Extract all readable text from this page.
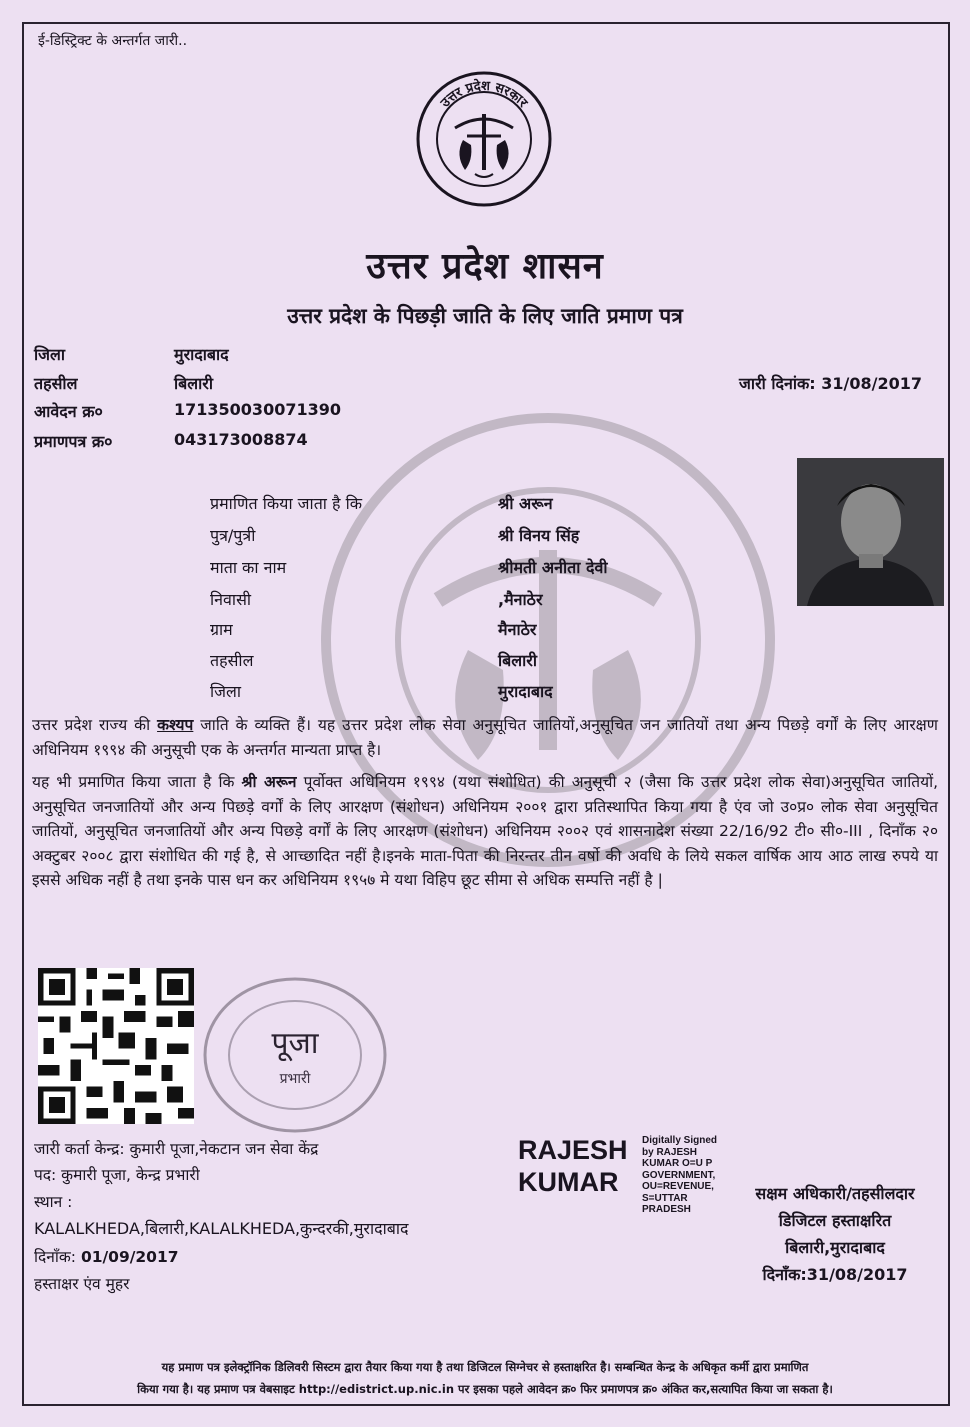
ई-डिस्ट्रिक्ट के अन्तर्गत जारी..
उत्तर प्रदेश सरकार
उत्तर प्रदेश शासन
उत्तर प्रदेश के पिछड़ी जाति के लिए जाति प्रमाण पत्र
जिला	मुरादाबाद
तहसील	बिलारी
आवेदन क्र०	171350030071390
प्रमाणपत्र क्र०	043173008874
जारी दिनांक: 31/08/2017
प्रमाणित किया जाता है कि	श्री अरून
पुत्र/पुत्री	श्री विनय सिंह
माता का नाम	श्रीमती अनीता देवी
निवासी	,मैनाठेर
ग्राम	मैनाठेर
तहसील	बिलारी
जिला	मुरादाबाद
उत्तर प्रदेश राज्य की कश्यप जाति के व्यक्ति हैं। यह उत्तर प्रदेश लोक सेवा अनुसूचित जातियों,अनुसूचित जन जातियों तथा अन्य पिछड़े वर्गों के लिए आरक्षण अधिनियम १९९४ की अनुसूची एक के अन्तर्गत मान्यता प्राप्त है।
यह भी प्रमाणित किया जाता है कि श्री अरून पूर्वोक्त अधिनियम १९९४ (यथा संशोधित) की अनुसूची २ (जैसा कि उत्तर प्रदेश लोक सेवा)अनुसूचित जातियों, अनुसूचित जनजातियों और अन्य पिछड़े वर्गों के लिए आरक्षण (संशोधन) अधिनियम २००१ द्वारा प्रतिस्थापित किया गया है एंव जो उ०प्र० लोक सेवा अनुसूचित जातियों, अनुसूचित जनजातियों और अन्य पिछड़े वर्गों के लिए आरक्षण (संशोधन) अधिनियम २००२ एवं शासनादेश संख्या 22/16/92 टी० सी०-III , दिनाँक २० अक्टुबर २००८ द्वारा संशोधित की गई है, से आच्छादित नहीं है।इनके माता-पिता की निरन्तर तीन वर्षो की अवधि के लिये सकल वार्षिक आय आठ लाख रुपये या इससे अधिक नहीं है तथा इनके पास धन कर अधिनियम १९५७ मे यथा विहिप छूट सीमा से अधिक सम्पत्ति नहीं है |
पूजा
प्रभारी
जारी कर्ता केन्द्र: कुमारी पूजा,नेकटान जन सेवा केंद्र
पद: कुमारी पूजा, केन्द्र प्रभारी
स्थान :
KALALKHEDA,बिलारी,KALALKHEDA,कुन्दरकी,मुरादाबाद
दिनाँक: 01/09/2017
हस्ताक्षर एंव मुहर
RAJESH
KUMAR
Digitally Signed
by RAJESH
KUMAR O=U P
GOVERNMENT,
OU=REVENUE,
S=UTTAR
PRADESH
सक्षम अधिकारी/तहसीलदार
डिजिटल हस्ताक्षरित
बिलारी,मुरादाबाद
दिनाँक:31/08/2017
यह प्रमाण पत्र इलेक्ट्रॉनिक डिलिवरी सिस्टम द्वारा तैयार किया गया है तथा डिजिटल सिग्नेचर से हस्ताक्षरित है। सम्बन्धित केन्द्र के अधिकृत कर्मी द्वारा प्रमाणित
किया गया है। यह प्रमाण पत्र वेबसाइट http://edistrict.up.nic.in पर इसका पहले आवेदन क्र० फिर प्रमाणपत्र क्र० अंकित कर,सत्यापित किया जा सकता है।
